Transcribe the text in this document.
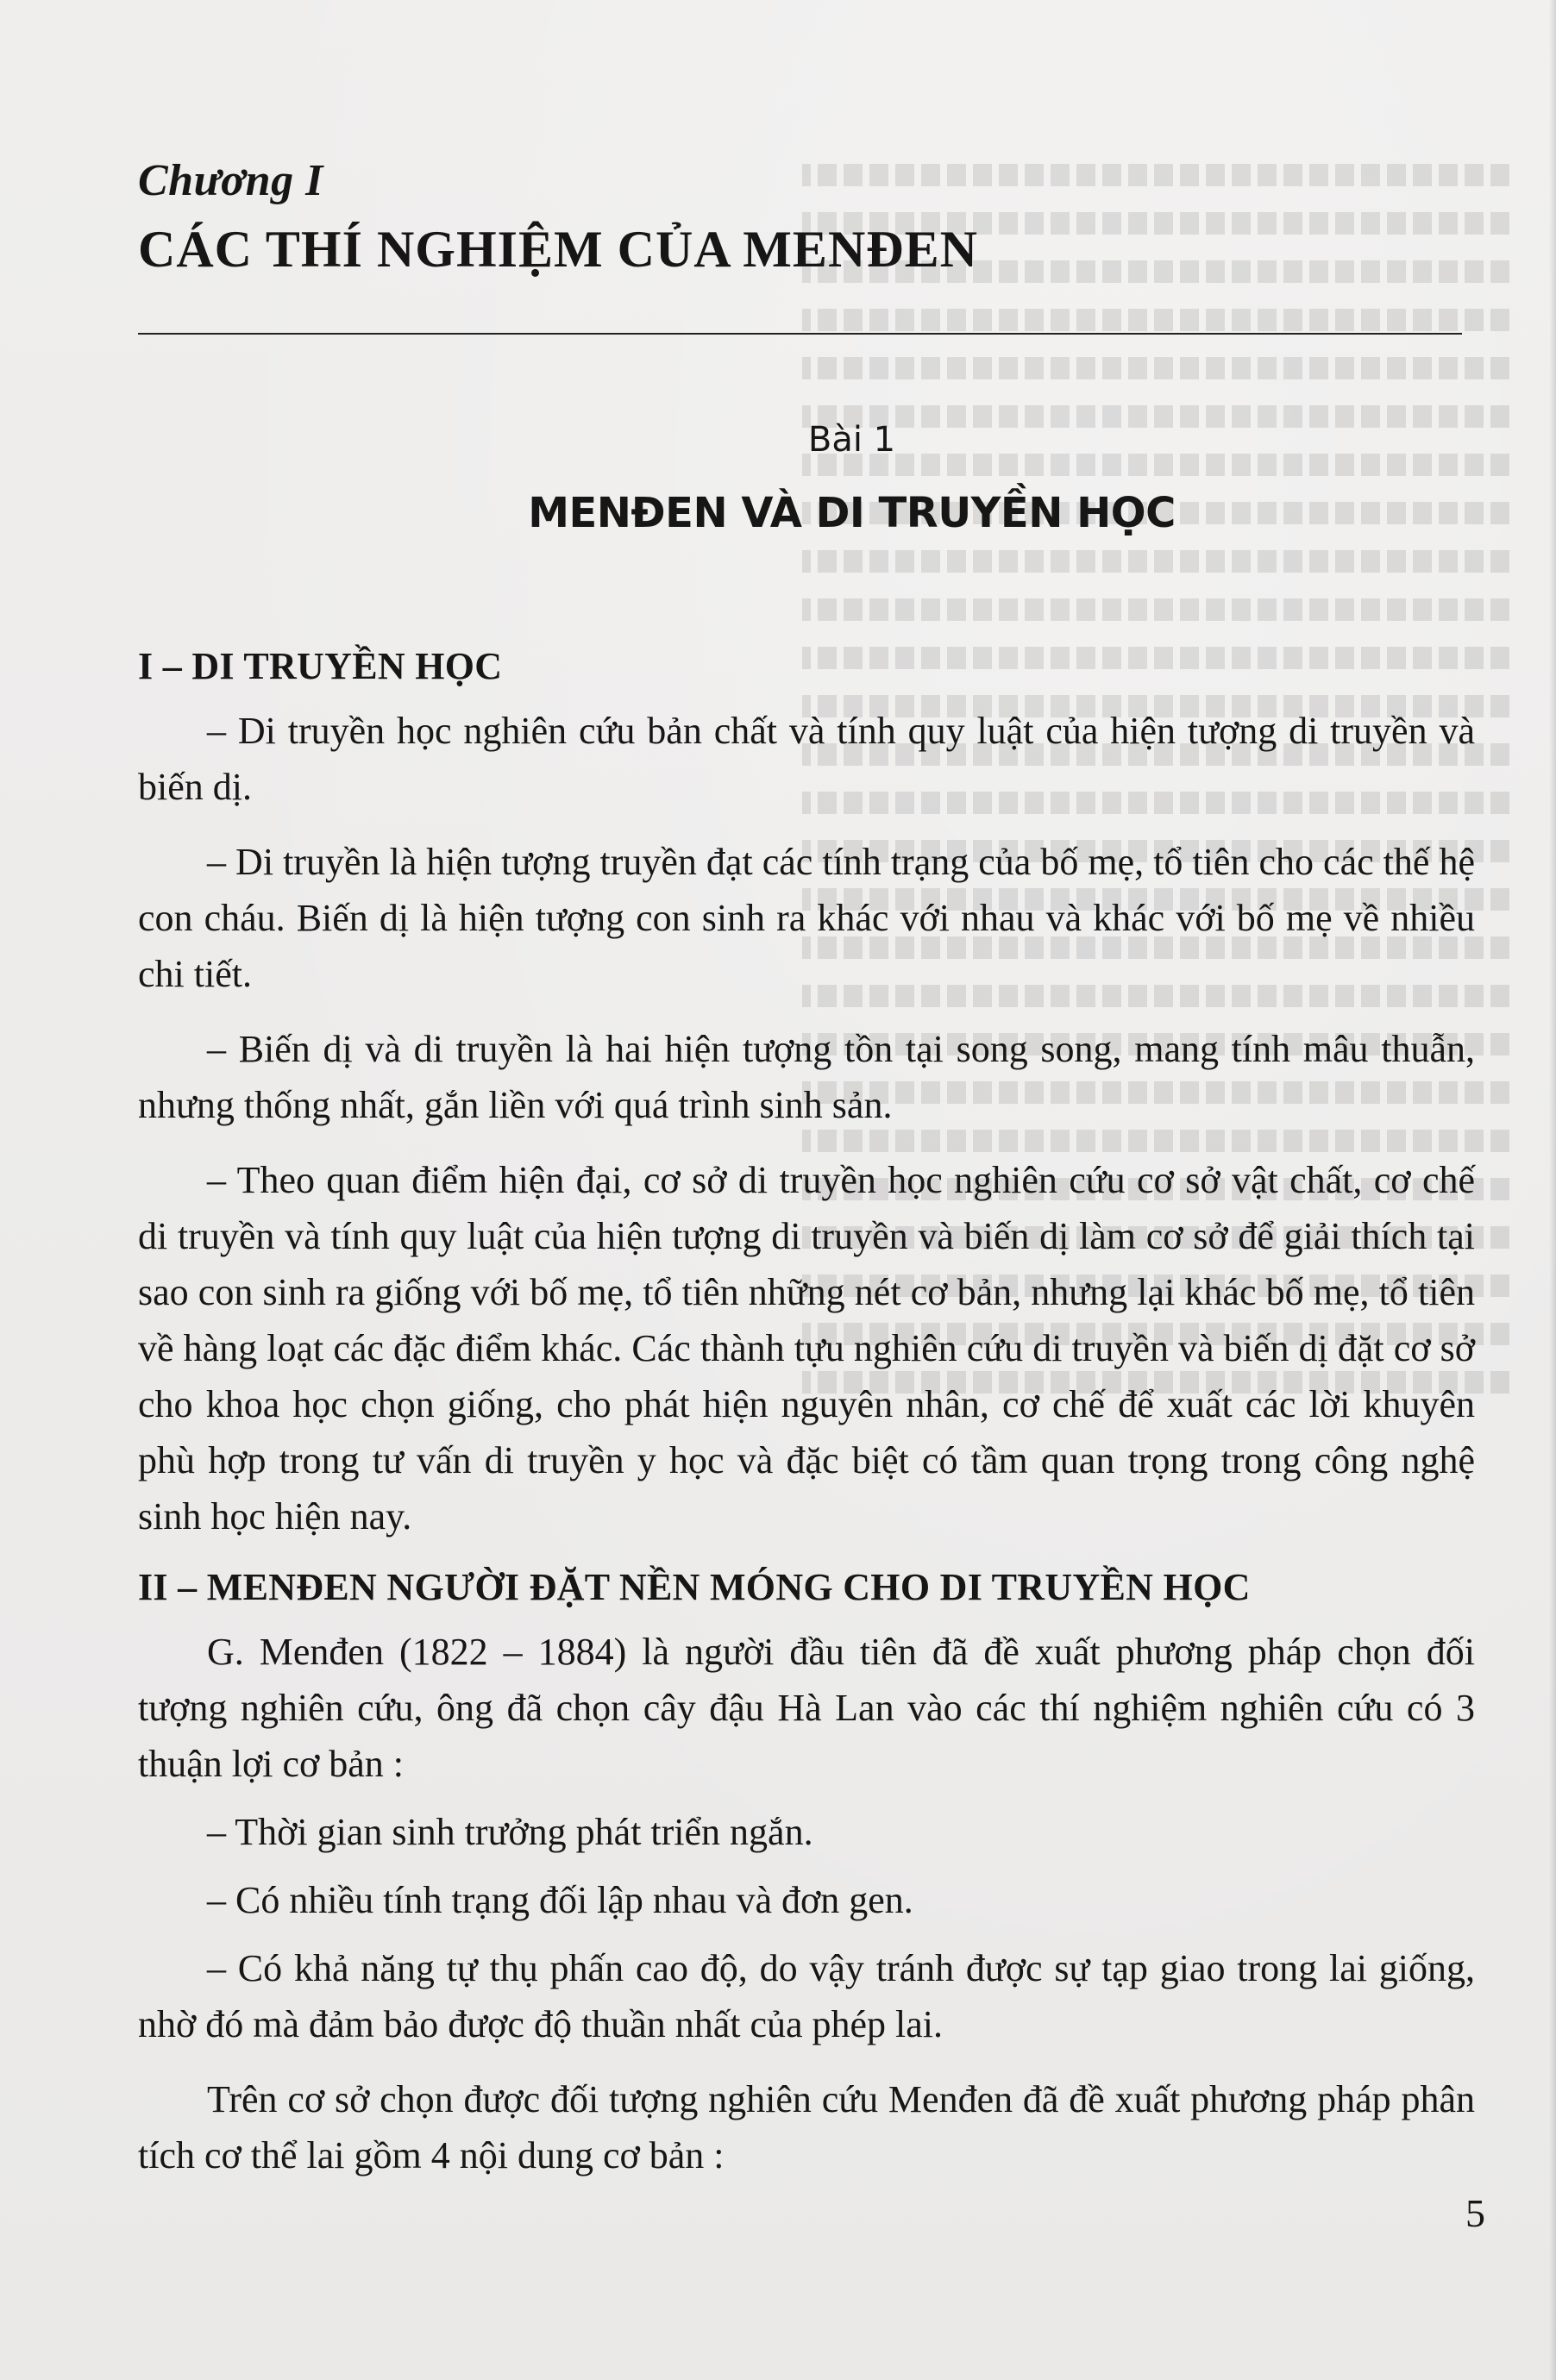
Chương I
CÁC THÍ NGHIỆM CỦA MENĐEN
Bài 1
MENĐEN VÀ DI TRUYỀN HỌC
I – DI TRUYỀN HỌC

– Di truyền học nghiên cứu bản chất và tính quy luật của hiện tượng di truyền và biến dị.

– Di truyền là hiện tượng truyền đạt các tính trạng của bố mẹ, tổ tiên cho các thế hệ con cháu. Biến dị là hiện tượng con sinh ra khác với nhau và khác với bố mẹ về nhiều chi tiết.

– Biến dị và di truyền là hai hiện tượng tồn tại song song, mang tính mâu thuẫn, nhưng thống nhất, gắn liền với quá trình sinh sản.

– Theo quan điểm hiện đại, cơ sở di truyền học nghiên cứu cơ sở vật chất, cơ chế di truyền và tính quy luật của hiện tượng di truyền và biến dị làm cơ sở để giải thích tại sao con sinh ra giống với bố mẹ, tổ tiên những nét cơ bản, nhưng lại khác bố mẹ, tổ tiên về hàng loạt các đặc điểm khác. Các thành tựu nghiên cứu di truyền và biến dị đặt cơ sở cho khoa học chọn giống, cho phát hiện nguyên nhân, cơ chế để xuất các lời khuyên phù hợp trong tư vấn di truyền y học và đặc biệt có tầm quan trọng trong công nghệ sinh học hiện nay.

II – MENĐEN NGƯỜI ĐẶT NỀN MÓNG CHO DI TRUYỀN HỌC

G. Menđen (1822 – 1884) là người đầu tiên đã đề xuất phương pháp chọn đối tượng nghiên cứu, ông đã chọn cây đậu Hà Lan vào các thí nghiệm nghiên cứu có 3 thuận lợi cơ bản :

– Thời gian sinh trưởng phát triển ngắn.

– Có nhiều tính trạng đối lập nhau và đơn gen.

– Có khả năng tự thụ phấn cao độ, do vậy tránh được sự tạp giao trong lai giống, nhờ đó mà đảm bảo được độ thuần nhất của phép lai.

Trên cơ sở chọn được đối tượng nghiên cứu Menđen đã đề xuất phương pháp phân tích cơ thể lai gồm 4 nội dung cơ bản :

5
